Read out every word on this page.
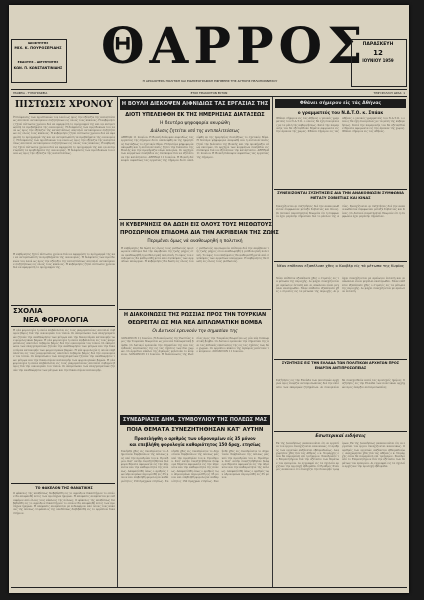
ΙΔΙΟΚΤΗΤΗΣ
ΜΙΧ. Κ. ΠΟΥΡΟΣΕΡΙΔΗΣ
ΕΚΔΟΤΗΣ - ΔΙΕΥΘΥΝΤΗΣ
ΚΩΝ. Π. ΚΩΝΣΤΑΝΤΙΝΙΔΗΣ ΘΑΡΡΟΣ
Η ΑΡΧΑΙΟΤΕΡΑ ΠΟΛΙΤΙΚΗ ΚΑΙ ΕΙΔΗΣΕΟΓΡΑΦΙΚΗ ΕΦΗΜΕΡΙΣ ΤΗΣ ΔΥΤΙΚΗΣ ΠΕΛΟΠΟΝΝΗΣΟΥ
ΠΑΡΑΣΚΕΥΗ
12
ΙΟΥΝΙΟΥ 1959
ΓΡΑΦΕΙΑ - ΤΥΠΟΓΡΑΦΕΙΑ	ΕΤΟΣ ΤΡΙΑΚΟΣΤΟΝ ΕΚΤΟΝ	ΤΙΜΗ ΦΥΛΛΟΥ ΔΡΑΧ. 1
ΠΙΣΤΩΣΙΣ ΧΡΟΝΟΥ
Ἡ διάψευσις των προσδοκιών του λαού ως προς την εξέλιξιν της καταστάσεως αποτελεί αντικείμενον συζητήσεων εις όλους τους κύκλους. Η κυβέρνησις ζητεί πίστωσιν χρόνου διά να εφαρμόση το πρόγραμμά της και να αντιμετωπίση τα προβλήματα της οικονομίας. Ἡ διάψευσις των προσδοκιών του λαού ως προς την εξέλιξιν της καταστάσεως αποτελεί αντικείμενον συζητήσεων εις όλους τους κύκλους. Η κυβέρνησις ζητεί πίστωσιν χρόνου διά να εφαρμόση το πρόγραμμά της και να αντιμετωπίση τα προβλήματα της οικονομίας. Ἡ διάψευσις των προσδοκιών του λαού ως προς την εξέλιξιν της καταστάσεως αποτελεί αντικείμενον συζητήσεων εις όλους τους κύκλους. Η κυβέρνησις ζητεί πίστωσιν χρόνου διά να εφαρμόση το πρόγραμμά της και να αντιμετωπίση τα προβλήματα της οικονομίας. Ἡ διάψευσις των προσδοκιών του λαού ως προς την εξέλιξιν της καταστάσεως.
Η κυβέρνησις ζητεί πίστωσιν χρόνου διά να εφαρμόση το πρόγραμμά της και να αντιμετωπίση τα προβλήματα της οικονομίας. Ἡ διάψευσις των προσδοκιών του λαού ως προς την εξέλιξιν της καταστάσεως αποτελεί αντικείμενον συζητήσεων εις όλους τους κύκλους. Η κυβέρνησις ζητεί πίστωσιν χρόνου διά να εφαρμόση το πρόγραμμά της.
ΣΧΟΛΙΑ
ΝΕΑ ΦΟΡΟΛΟΓΙΑ
Η νέα φορολογία η οποία επιβάλλεται εις τους μικρομεσαίους αποτελεί σοβαρόν βάρος διά την οικονομίαν του τόπου. Οι εκπρόσωποι των επαγγελματιών ζητούν την αναθεώρησιν των μέτρων και την δικαιοτέραν κατανομήν των φορολογικών βαρών. Η νέα φορολογία η οποία επιβάλλεται εις τους μικρομεσαίους αποτελεί σοβαρόν βάρος διά την οικονομίαν του τόπου. Οι εκπρόσωποι των επαγγελματιών ζητούν την αναθεώρησιν των μέτρων και την δικαιοτέραν κατανομήν των φορολογικών βαρών. Η νέα φορολογία η οποία επιβάλλεται εις τους μικρομεσαίους αποτελεί σοβαρόν βάρος διά την οικονομίαν του τόπου. Οι εκπρόσωποι των επαγγελματιών ζητούν την αναθεώρησιν των μέτρων και την δικαιοτέραν κατανομήν των φορολογικών βαρών. Η νέα φορολογία η οποία επιβάλλεται εις τους μικρομεσαίους αποτελεί σοβαρόν βάρος διά την οικονομίαν του τόπου. Οι εκπρόσωποι των επαγγελματιών ζητούν την αναθεώρησιν των μέτρων και την δικαιοτέραν κατανομήν.
ΤΟ ΦΑΚΕΛΟΝ ΤΗΣ ΘΑΝΑΤΙΚΗΣ
Ο φάκελος της υποθέσεως διεβιβάσθη εις το αρμόδιον δικαστήριον το οποίον θα αποφανθή εντός των προσεχών ημερών. Η απόφασις αναμένεται με ενδιαφέρον από όλους τους κύκλους της πόλεως. Ο φάκελος της υποθέσεως διεβιβάσθη εις το αρμόδιον δικαστήριον το οποίον θα αποφανθή εντός των προσεχών ημερών. Η απόφασις αναμένεται με ενδιαφέρον από όλους τους κύκλους της πόλεως. Ο φάκελος της υποθέσεως διεβιβάσθη εις το αρμόδιον δικαστήριον.
Η ΒΟΥΛΗ ΔΙΕΚΟΨΕΝ ΑΙΦΝΙΔΙΩΣ ΤΑΣ ΕΡΓΑΣΙΑΣ ΤΗΣ
ΔΙΟΤΙ ΥΠΕΛΕΙΦΘΗ ΕΚ ΤΗΣ ΗΜΕΡΗΣΙΑΣ ΔΙΑΤΑΞΕΩΣ
Η δευτέρα ψηφοφορία ακυρώθη
Διάλυσις ζητείται υπό της αντιπολιτεύσεως
ΑΘΗΝΑΙ 11 Ιουνίου. Η Βουλή διέκοψεν αιφνιδίως τας εργασίας της σήμερον διότι υπελείφθη εκ της ημερησίας διατάξεως το σχετικόν θέμα. Η δευτέρα ψηφοφορία ακυρώθη και η αντιπολίτευσις ζητεί την διάλυσιν της Βουλής και την προκήρυξιν νέων εκλογών. Οι αρχηγοί των κομμάτων συνήλθον εις σύσκεψιν διά να εξετάσουν την κατάστασιν. ΑΘΗΝΑΙ 11 Ιουνίου. Η Βουλή διέκοψεν αιφνιδίως τας εργασίας της σήμερον διότι υπελείφθη εκ της ημερησίας διατάξεως το σχετικόν θέμα. Η δευτέρα ψηφοφορία ακυρώθη και η αντιπολίτευσις ζητεί την διάλυσιν της Βουλής και την προκήρυξιν νέων εκλογών. Οι αρχηγοί των κομμάτων συνήλθον εις σύσκεψιν διά να εξετάσουν την κατάστασιν. ΑΘΗΝΑΙ 11 Ιουνίου. Η Βουλή διέκοψεν αιφνιδίως τας εργασίας της σήμερον.
Η ΚΥΒΕΡΝΗΣΙΣ ΘΑ ΔΩΣΗ ΕΙΣ ΟΛΟΥΣ ΤΟΥΣ ΜΙΣΘΩΤΟΥΣ
ΠΡΟΣΩΡΙΝΟΝ ΕΠΙΔΟΜΑ ΔΙΑ ΤΗΝ ΑΚΡΙΒΕΙΑΝ ΤΗΣ ΖΩΗΣ
Περιμένει όμως νά αναθεωρηθή η πολιτική
Η κυβέρνησις θα δώση εις όλους τους μισθωτούς προσωρινόν επίδομα διά την ακρίβειαν της ζωής μέχρις ότου αναθεωρηθή η μισθολογική πολιτική. Το ύψος του επιδόματος θα καθορισθή μετά από συσκέψεις των αρμοδίων υπουργών. Η κυβέρνησις θα δώση εις όλους τους μισθωτούς προσωρινόν επίδομα διά την ακρίβειαν της ζωής μέχρις ότου αναθεωρηθή η μισθολογική πολιτική. Το ύψος του επιδόματος θα καθορισθή μετά από συσκέψεις των αρμοδίων υπουργών. Η κυβέρνησις θα δώση εις όλους τους μισθωτούς.
Η ΔΙΑΚΟΙΝΩΣΙΣ ΤΗΣ ΡΩΣΣΙΑΣ ΠΡΟΣ ΤΗΝ ΤΟΥΡΚΙΑΝ
ΘΕΩΡΕΙΤΑΙ ΩΣ ΜΙΑ ΝΕΑ ΔΙΠΛΩΜΑΤΙΚΗ ΒΟΜΒΑ
Οι Δυτικοί ερευνούν την σημασίαν της
ΛΟΝΔΙΝΟΝ 11 Ιουνίου. Η διακοίνωσις της Ρωσσίας προς την Τουρκίαν θεωρείται ως μία νέα διπλωματική βόμβα. Οι Δυτικοί ερευνούν την σημασίαν της και τας πιθανάς επιπτώσεις της εις τας σχέσεις των δύο χωρών. Οι αρμόδιοι κύκλοι της Άγκυρας μελετούν το κείμενον. ΛΟΝΔΙΝΟΝ 11 Ιουνίου. Η διακοίνωσις της Ρωσσίας προς την Τουρκίαν θεωρείται ως μία νέα διπλωματική βόμβα. Οι Δυτικοί ερευνούν την σημασίαν της και τας πιθανάς επιπτώσεις της εις τας σχέσεις των δύο χωρών. Οι αρμόδιοι κύκλοι της Άγκυρας μελετούν το κείμενον. ΛΟΝΔΙΝΟΝ 11 Ιουνίου.
ΣΥΝΕΔΡΙΑΣΙΣ ΔΗΜ. ΣΥΜΒΟΥΛΙΟΥ ΤΗΣ ΠΟΛΕΩΣ ΜΑΣ
ΠΟΙΑ ΘΕΜΑΤΑ ΣΥΝΕΖΗΤΗΘΗΣΑΝ ΚΑΤ' ΑΥΤΗΝ
Προσελήφθη ο αριθμός των υδρονομέων είς 35 μόνον
και επεβλήθη φορολογία καθαριότητος 150 δραχ. ετησίως
Συνήλθε χθες εις συνεδρίασιν το Δημοτικόν Συμβούλιον της πόλεως μας υπό την προεδρίαν του κ. Προέδρου. Κατ' αυτήν συνεζητήθησαν διάφορα θέματα αφορώντα εις την ύδρευσιν και την καθαριότητα της πόλεως. Απεφασίσθη όπως ο αριθμός των υδρονομέων περιορισθή εις 35 μόνον και επιβληθή φορολογία καθαριότητος 150 δραχμών ετησίως. Συνήλθε χθες εις συνεδρίασιν το Δημοτικόν Συμβούλιον της πόλεως μας υπό την προεδρίαν του κ. Προέδρου. Κατ' αυτήν συνεζητήθησαν διάφορα θέματα αφορώντα εις την ύδρευσιν και την καθαριότητα της πόλεως. Απεφασίσθη όπως ο αριθμός των υδρονομέων περιορισθή εις 35 μόνον και επιβληθή φορολογία καθαριότητος 150 δραχμών ετησίως. Συνήλθε χθες εις συνεδρίασιν το Δημοτικόν Συμβούλιον της πόλεως μας υπό την προεδρίαν του κ. Προέδρου. Κατ' αυτήν συνεζητήθησαν διάφορα θέματα αφορώντα εις την ύδρευσιν και την καθαριότητα της πόλεως. Απεφασίσθη όπως ο αριθμός των υδρονομέων περιορισθή εις 35 μόνον.
Φθάνει σήμερον είς τάς Αθήνας
ο γραμματεύς του Ν.Α.Τ.Ο. κ. Σπάακ
Φθάνει σήμερον εις τας Αθήνας ο γενικός γραμματεύς του Ν.Α.Τ.Ο. ο οποίος θα έχη συνομιλίας με τα μέλη της κυβερνήσεως. Κατά την παραμονήν του θα εξετασθούν θέματα αφορώντα εις την άμυναν της χώρας. Φθάνει σήμερον εις τας Αθήνας ο γενικός γραμματεύς του Ν.Α.Τ.Ο. ο οποίος θα έχη συνομιλίας με τα μέλη της κυβερνήσεως. Κατά την παραμονήν του θα εξετασθούν θέματα αφορώντα εις την άμυναν της χώρας. Φθάνει σήμερον εις τας Αθήνας.
ΣΥΝΕΧΙΖΟΝΤΑΙ ΣΥΖΗΤΗΣΕΙΣ ΔΙΑ ΤΗΝ ΑΝΑΚΟΙΝΩΣΙΝ ΣΥΜΦΩΝΙΑ ΜΕΤΑΞΥ ΣΟΒΙΕΤΙΑΣ ΚΑΙ ΚΙΝΑΣ
Συνεχίζονται αι συζητήσεις διά την ανακοινωθείσαν συμφωνίαν μεταξύ Σοβιετίας και Κίνας. Οι Δυτικοί παρατηρηταί θεωρούν ότι η συμφωνία έχει μεγάλην σημασίαν διά το μέλλον της Ασίας. Συνεχίζονται αι συζητήσεις διά την ανακοινωθείσαν συμφωνίαν μεταξύ Σοβιετίας και Κίνας. Οι Δυτικοί παρατηρηταί θεωρούν ότι η συμφωνία έχει μεγάλην σημασίαν.
Νέον επίθεσιν εξαπέλυσε χθες ο Κουβέρ είς τά μέτωπα της Κυρίας
Νέαν επίθεσιν εξαπέλυσε χθες ο στρατός εις τα μέτωπα της περιοχής. Αι μάχαι συνεχίζονται με αμείωτον ένταση και αι απώλειαι είναι μεγάλαι εκατέρωθεν. Νέαν επίθεσιν εξαπέλυσε χθες ο στρατός εις τα μέτωπα της περιοχής. Αι μάχαι συνεχίζονται με αμείωτον ένταση και αι απώλειαι είναι μεγάλαι εκατέρωθεν. Νέαν επίθεσιν εξαπέλυσε χθες ο στρατός εις τα μέτωπα της περιοχής. Αι μάχαι συνεχίζονται με αμείωτον ένταση.
ΣΥΖΗΤΗΣΙΣ ΕΙΣ ΤΗΝ ΕΛΛΑΔΑ ΤΩΝ ΠΟΛΙΤΙΚΩΝ ΑΡΧΗΓΩΝ ΠΡΟΣ ΕΝΑΡΞΙΝ ΑΝΤΙΠΡΟΣΩΠΕΙΑΣ
Συζήτησις εις την Ελλάδα των πολιτικών αρχηγών προς έναρξιν αντιπροσωπείας διά την επίλυσιν των εκκρεμών ζητημάτων. Αι συνομιλίαι θα συνεχισθούν κατά τας προσεχείς ημέρας. Συζήτησις εις την Ελλάδα των πολιτικών αρχηγών προς έναρξιν αντιπροσωπείας.
Εσωτερικαί ειδήσεις
Εκ της Διοικήσεως ανακοινούται ότι αι εργασίαι του έργου συνεχίζονται κανονικώς. Ο αριθμός των εργατών αυξάνεται εβδομαδιαίως. Αναχώρησεν χθες διά τας Αθήνας ο κ. Νομάρχης όπου θα παραμείνη επί τριήμερον. Συνεδρίασε το Επιμελητήριον διά την εξέτασιν των θεμάτων του εμπορίου. Αι εγγραφαί εις τα σχολεία αρχίζουν την προσεχή εβδομάδα. Ο Ερυθρός Σταυρός ανακοινοί ότι συνεχίζει την διανομήν τροφίμων. Εκ της Διοικήσεως ανακοινούται ότι αι εργασίαι του έργου συνεχίζονται κανονικώς. Ο αριθμός των εργατών αυξάνεται εβδομαδιαίως. Αναχώρησεν χθες διά τας Αθήνας ο κ. Νομάρχης όπου θα παραμείνη επί τριήμερον. Συνεδρίασε το Επιμελητήριον διά την εξέτασιν των θεμάτων του εμπορίου. Αι εγγραφαί εις τα σχολεία αρχίζουν την προσεχή εβδομάδα.
